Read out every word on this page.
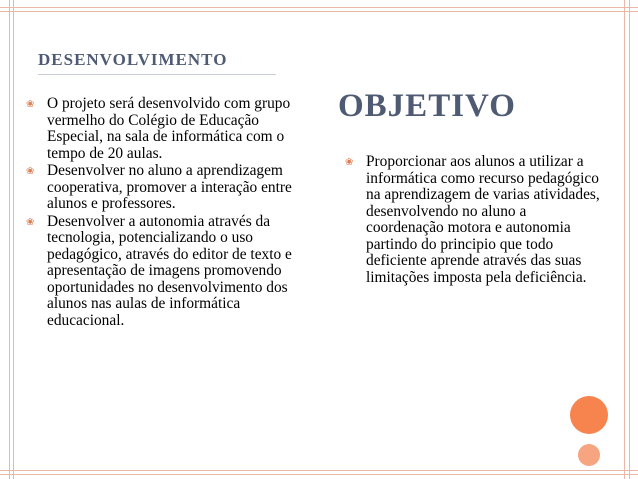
DESENVOLVIMENTO
❀ O projeto será desenvolvido com grupo vermelho do Colégio de Educação Especial, na sala de informática com o tempo de 20 aulas.
❀ Desenvolver no aluno a aprendizagem cooperativa, promover a interação entre alunos e professores.
❀ Desenvolver a autonomia através da tecnologia, potencializando o uso pedagógico, através do editor de texto e apresentação de imagens promovendo oportunidades no desenvolvimento dos alunos nas aulas de informática educacional.
OBJETIVO
❀ Proporcionar aos alunos a utilizar a informática como recurso pedagógico na aprendizagem de varias atividades, desenvolvendo no aluno a coordenação motora e autonomia partindo do principio que todo deficiente aprende através das suas limitações imposta pela deficiência.
